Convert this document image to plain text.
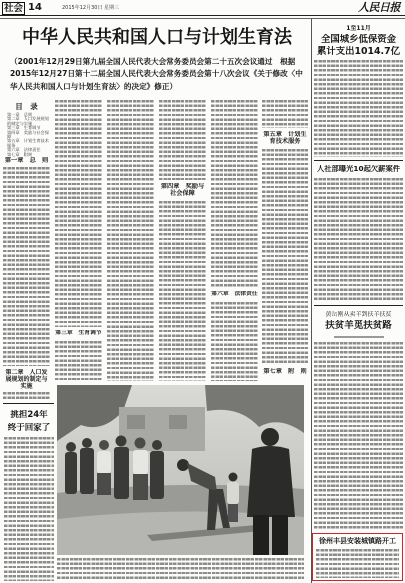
社会 14	2015年12月30日 星期三	人民日报
中华人民共和国人口与计划生育法
（2001年12月29日第九届全国人民代表大会常务委员会第二十五次会议通过　根据2015年12月27日第十二届全国人民代表大会常务委员会第十八次会议《关于修改〈中华人民共和国人口与计划生育法〉的决定》修正）
目　录
第一章　总则
第二章　人口发展规划的制定与实施
第三章　生育调节
第四章　奖励与社会保障
第五章　计划生育技术服务
第六章　法律责任
第七章　附则
第一章　总　则
第二章　人口发展规划的制定与实施
第三章　生育调节
第四章　奖励与社会保障
第六章　法律责任
第五章　计划生育技术服务
第七章　附　则
挑担24年
终于回家了
1至11月
全国城乡低保资金
累计支出1014.7亿
人社部曝光10起欠薪案件
黄岳刚从卖羊到扶羊扶贫
扶贫羊觅扶贫路
徐州丰县安装城镇路开工
